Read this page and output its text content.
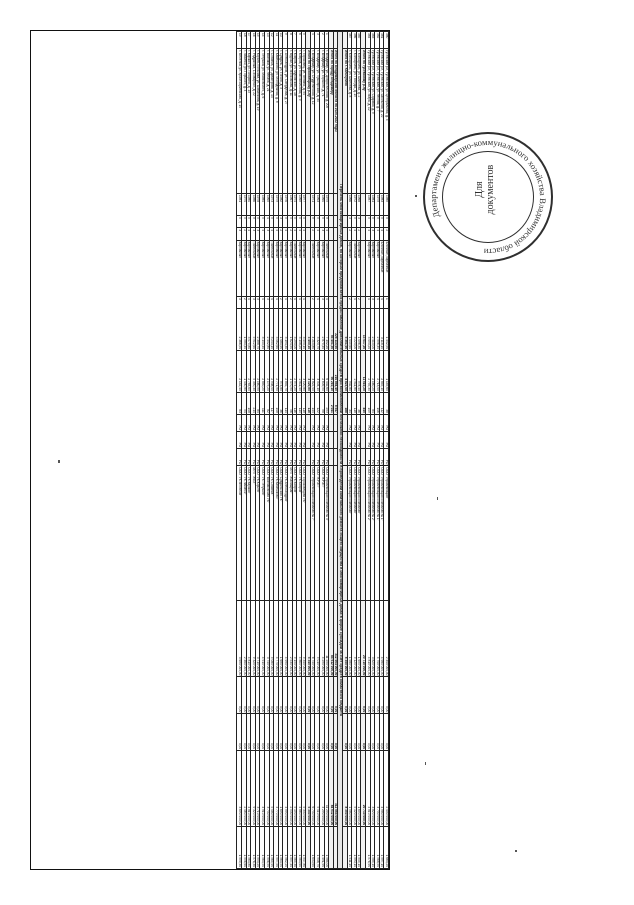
380	Гусевский р-н, Гусевский, ул. Центральная, д. 4	1985	5	2	Блочные, кирпичные	1	1 442,50	1 145,60	38	РО	РО	РО	ООО "Управляющая"	2 400 000,00	0,00	0,00	2 400 000,00	1 663,20
381	Гусевский р-н, Гусевский, ул. Школьная, д. 22	1983	5	4	Блочные, кирпичные	4	3 118,10	2 845,10	112	РО	РО	РО	ООО "Управляющая компания № 1"	4 980 000,00	0,00	0,00	4 980 000,00	1 597,10
382	Гусевский р-н, Гусевский, ул. Лесная, д. 7	1979	5	4	Кирпичные	4	2 996,40	2 713,00	106	РО	РО	РО	ООО "Управляющая компания № 1"	4 700 000,00	0,00	0,00	4 700 000,00	1 568,50
383	Гусевский р-н, Гусевский, ул. Садовая, д. 9	1981	5	3	Кирпичные	3	2 410,00	2 160,20	84	РО	РО	РО	ООО "Управляющая компания № 2"	3 820 000,00	0,00	0,00	3 820 000,00	1 585,10
384	Гусевский р-н, Гусевский, ул. Мира, д. 12	1987	5	4	Кирпичные	4	3 050,20	2 755,30	109	РО	РО	РО	ООО "Управляющая компания № 2"	4 810 000,00	0,00	0,00	4 810 000,00	1 576,90
	Итого по Гусевскому р-ну						13 017,20	11 619,20	449					20 710 000,00	0,00	0,00	20 710 000,00	
385	г. Кольчугино, ул. Шмелева, д. 2	1968	3	2	Кирпичные	2	1 096,30	978,40	36	РО	РО	РО	ООО "Управляющая компания"	1 650 000,00	0,00	0,00	1 650 000,00	1 505,10
386	г. Кольчугино, ул. Победы, д. 15	1972	5	4	Панельные	4	3 220,00	2 911,80	118	РО	РО	РО	ООО "Управляющая компания"	5 120 000,00	0,00	0,00	5 120 000,00	1 590,10
387	г. Кольчугино, ул. Шмелева, д. 8	1966	3	2	Кирпичные	2	1 045,60	932,80	34	РО	РО	РО	ООО "Управляющая компания"	1 580 000,00	0,00	0,00	1 580 000,00	1 511,10
	Итого по г. Кольчугино						5 361,90	4 823,00	188					8 350 000,00	0,00	0,00	8 350 000,00	
Перечень многоквартирных домов, по которым предполагается предоставление дополнительных средств при возникновении неотложной необходимости в проведении капитального ремонта общего имущества в многоквартирных домах в форме субсидии за счет средств областного бюджета																		
	Итого по Владимирской области на 2020-2022 годы						226 114,60	210 864,40	8 547					312 964 000,00	0,00	0,00	312 964 000,00	
	Итого по городу Владимиру						55 401,30	50 210,10	2 041					84 612 000,00	0,00	0,00	84 612 000,00	
1	г. Владимир, ул. Добросельская, д. 205	1975	9	4	Панельные	4	7 102,20	6 432,60	253	РО	РО	РО	ООО "Управляющая компания № 4"	11 250 000,00	0,00	0,00	11 250 000,00	1 584,00
2	г. Владимир, ул. Горького, д. 71	1960	5	3	Кирпичные	3	2 875,40	2 609,50	98	РО	РО	РО	ООО "ЖРЭП"	4 290 000,00	0,00	0,00	4 290 000,00	1 491,90
3	г. Владимир, ул. Пушкарская, д. 30	1963	5	4	Кирпичные	4	3 320,70	3 004,10	122	РО	РО	РО	ООО "ЖРЭП"	5 010 000,00	0,00	0,00	5 010 000,00	1 508,70
4	г. Владимир, ул. Студенческая, д. 12	1971	9	2	Панельные	2	4 210,80	3 822,00	144	РО	РО	РО	ООО "Управляющая компания № 7"	6 740 000,00	0,00	0,00	6 740 000,00	1 600,60
	Итого по Гороховецкому р-ну						3 450,10	3 120,80	118					5 340 000,00	0,00	0,00	5 340 000,00	
5	г. Гороховец, ул. Ленина, д. 54	1977	5	4	Кирпичные	4	3 450,10	3 120,80	118	РО	РО	РО	ООО "Гороховецкая УК"	5 340 000,00	0,00	0,00	5 340 000,00	1 547,80
6	г. Ковров, ул. Комсомольская, д. 9	1969	5	4	Кирпичные	4	3 108,20	2 811,40	110	РО	РО	РО	ООО "УК Ковров"	4 860 000,00	0,00	0,00	4 860 000,00	1 563,60
7	г. Ковров, ул. Муромская, д. 18	1974	5	4	Панельные	4	3 290,00	2 974,20	116	РО	РО	РО	ООО "УК Ковров"	5 150 000,00	0,00	0,00	5 150 000,00	1 565,30
8	г. Муром, ул. Московская, д. 11	1967	5	2	Кирпичные	2	1 624,50	1 470,90	56	РО	РО	РО	МУП "Жилищник"	2 530 000,00	0,00	0,00	2 530 000,00	1 557,40
9	г. Александров, ул. Свердлова, д. 27	1976	5	4	Кирпичные	4	3 194,30	2 892,70	114	РО	РО	РО	ООО "УК Александров"	4 990 000,00	0,00	0,00	4 990 000,00	1 562,20
10	г. Суздаль, ул. Гоголя, д. 3	1982	3	2	Кирпичные	2	1 080,90	973,80	36	РО	РО	РО	ООО "Суздальская УК"	1 690 000,00	0,00	0,00	1 690 000,00	1 563,50
11	г. Камешково, ул. Молодежная, д. 8	1979	5	4	Кирпичные	4	3 062,60	2 771,90	108	РО	РО	РО	ООО "УК Камешково"	4 770 000,00	0,00	0,00	4 770 000,00	1 557,50
12	г. Собинка, ул. Димитрова, д. 14	1973	5	4	Панельные	4	3 244,10	2 938,00	117	РО	РО	РО	ООО "УК Собинка"	5 080 000,00	0,00	0,00	5 080 000,00	1 565,90
13	г. Вязники, ул. Ленина, д. 21	1965	4	3	Кирпичные	3	2 402,80	2 175,20	82	РО	РО	РО	ООО "Вязниковская УК"	3 740 000,00	0,00	0,00	3 740 000,00	1 556,50
14	г. Петушки, ул. Маяковского, д. 6	1984	5	4	Кирпичные	4	3 140,40	2 840,20	111	РО	РО	РО	ООО "УК Петушки"	4 910 000,00	0,00	0,00	4 910 000,00	1 563,50
15	г. Юрьев-Польский, ул. Шибанкова, д. 19	1978	5	3	Кирпичные	3	2 388,70	2 160,50	84	РО	РО	РО	ООО "УК Юрьев"	3 710 000,00	0,00	0,00	3 710 000,00	1 553,20
16	г. Радужный, 1-й квартал, д. 22	1986	9	3	Панельные	3	5 912,60	5 350,30	214	РО	РО	РО	МУП "ЖКХ"	9 320 000,00	0,00	0,00	9 320 000,00	1 576,30
17	г. Киржач, ул. Гагарина, д. 13	1980	5	4	Кирпичные	4	3 075,80	2 783,60	108	РО	РО	РО	ООО "УК Киржач"	4 810 000,00	0,00	0,00	4 810 000,00	1 563,80
18	г. Лакинск, ул. Горького, д. 4	1970	5	2	Кирпичные	2	1 580,40	1 430,80	54	РО	РО	РО	ООО "УК Лакинск"	2 460 000,00	0,00	0,00	2 460 000,00	1 556,60
19	г. Меленки, ул. Красноармейская, д. 10	1981	5	3	Кирпичные	3	2 366,50	2 142,40	83	РО	РО	РО	ООО "УК Меленки"	3 690 000,00	0,00	0,00	3 690 000,00	1 559,30
Департамент жилищно-коммунального хозяйства Владимирской области
Для документов
